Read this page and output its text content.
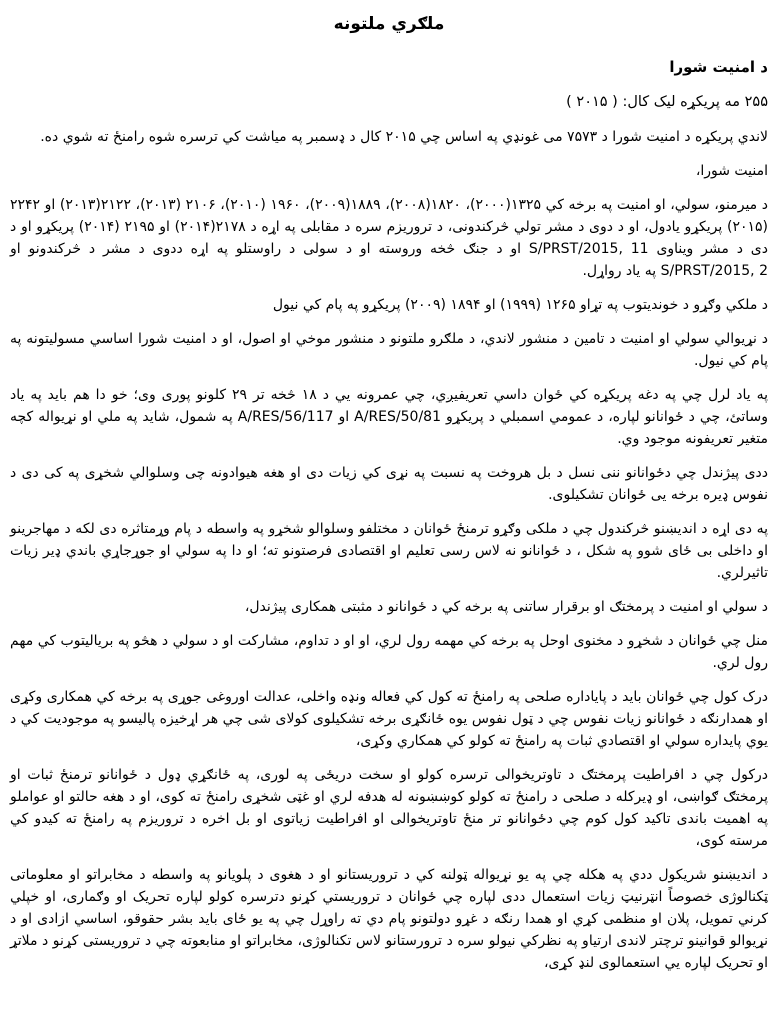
ملګري ملتونه
د امنیت شورا

۲۵۵ مه پریکړه لیک کال: ( ۲۰۱۵ )

لاندي پریکړه د امنیت شورا د ۷۵۷۳ می غونډي په اساس چي ۲۰۱۵ کال د ډسمبر په میاشت کي ترسره شوه رامنځ ته شوي ده.

امنیت شورا،

د میرمنو، سولي، او امنیت په برخه کي ۱۳۲۵(۲۰۰۰)، ۱۸۲۰(۲۰۰۸)، ۱۸۸۹(۲۰۰۹)، ۱۹۶۰ (۲۰۱۰)، ۲۱۰۶ (۲۰۱۳)، ۲۱۲۲(۲۰۱۳) او ۲۲۴۲ (۲۰۱۵) پریکړو یادول، او د دوی د مشر تولي څرکندونی، د تروریزم سره د مقابلی په اړه د ۲۱۷۸(۲۰۱۴) او ۲۱۹۵ (۲۰۱۴) پریکړو او د دی د مشر ویناوی S/PRST/2015, 11 او د جنګ څخه وروسته او د سولی د راوستلو په اړه ددوی د مشر د څرکندونو او S/PRST/2015, 2 په یاد رواړل.

د ملکي وګړو د خوندیتوب په تړاو ۱۲۶۵ (۱۹۹۹) او ۱۸۹۴ (۲۰۰۹) پریکړو په پام کي نیول

د نړیوالي سولي او امنیت د تامین د منشور لاندي، د ملګرو ملتونو د منشور موخي او اصول، او د امنیت شورا اساسي مسولیتونه په پام کي نیول.

په یاد لرل چي په دغه پریکړه کي ځوان داسي تعریفیږي، چي عمرونه یي د ۱۸ څخه تر ۲۹ کلونو پوری وی؛ خو دا هم باید په یاد وساتئ، چي د ځوانانو لپاره، د عمومي اسمبلي د پریکړو A/RES/50/81 او A/RES/56/117 په شمول، شاید په ملي او نړیواله کچه متغیر تعریفونه موجود وي.

ددی پیژندل چي دځوانانو ننی نسل د بل هروخت په نسبت په نړی کي زیات دی او هغه هیوادونه چی وسلوالي شخړی په کی دی د نفوس ډیره برخه یی ځوانان تشکیلوی.

په دی اړه د اندیښنو څرکندول چي د ملکی وګړو ترمنځ ځوانان د مختلفو وسلوالو شخړو په واسطه د پام وړمتاثره دی لکه د مهاجرینو او داخلی بی ځای شوو په شکل ، د ځوانانو نه لاس رسی تعلیم او اقتصادی فرصتونو ته؛ او دا په سولي او جوړجاړي باندي ډیر زیات تاثیرلري.

د سولي او امنیت د پرمختګ او برقرار ساتنی په برخه کي د ځوانانو د مثبتی همکاری پیژندل،

منل چي ځوانان د شخړو د مخنوی اوحل په برخه کي مهمه رول لري، او او د تداوم، مشارکت او د سولي د هڅو په بریالیتوب کي مهم رول لري.

درک کول چي ځوانان باید د پایاداره صلحی په رامنځ ته کول کي فعاله ونډه واخلی، عدالت اوروغی جوړی په برخه کي همکاری وکړی او همدارنګه د ځوانانو زیات نفوس چي د ټول نفوس یوه ځانګړی برخه تشکیلوی کولای شی چي هر اړخیزه پالیسو په موجودیت کي د یوي پایداره سولي او اقتصادي ثبات په رامنځ ته کولو کي همکاري وکړی،

درکول چي د افراطیت پرمختګ د تاوتریخوالی ترسره کولو او سخت دریځی په لوری، په ځانګړي ډول د ځوانانو ترمنځ ثبات او پرمختګ ګواښی، او ډیرکله د صلحی د رامنځ ته کولو کوښښونه له هدفه لري او غټی شخړی رامنځ ته کوی، او د هغه حالتو او عواملو په اهمیت باندی تاکید کول کوم چي دځوانانو تر منځ تاوتریخوالی او افراطیت زیاتوی او بل اخره د تروریزم په رامنځ ته کیدو کي مرسته کوی،

د اندیښنو شریکول ددي په هکله چي په یو نړیواله ټولنه کي د تروریستانو او د هغوی د پلویانو په واسطه د مخابراتو او معلوماتی ټکنالوژی خصوصاً انټرنیټ زیات استعمال ددی لپاره چي ځوانان د تروریستي کړنو دترسره کولو لپاره تحریک او وګماری، او خپلي کرني تمویل، پلان او منظمی کړي او همدا رنګه د غړو دولتونو پام دي ته راوړل چي په یو ځای باید بشر حقوقو، اساسي ازادی او د نړیوالو قوانینو ترچتر لاندی ارتیاو په نظرکي نیولو سره د ترورستانو لاس تکنالوژی، مخابراتو او منابعوته چي د تروریستی کړنو د ملاتړ او تحریک لپاره یي استعمالوی لنډ کړی،
